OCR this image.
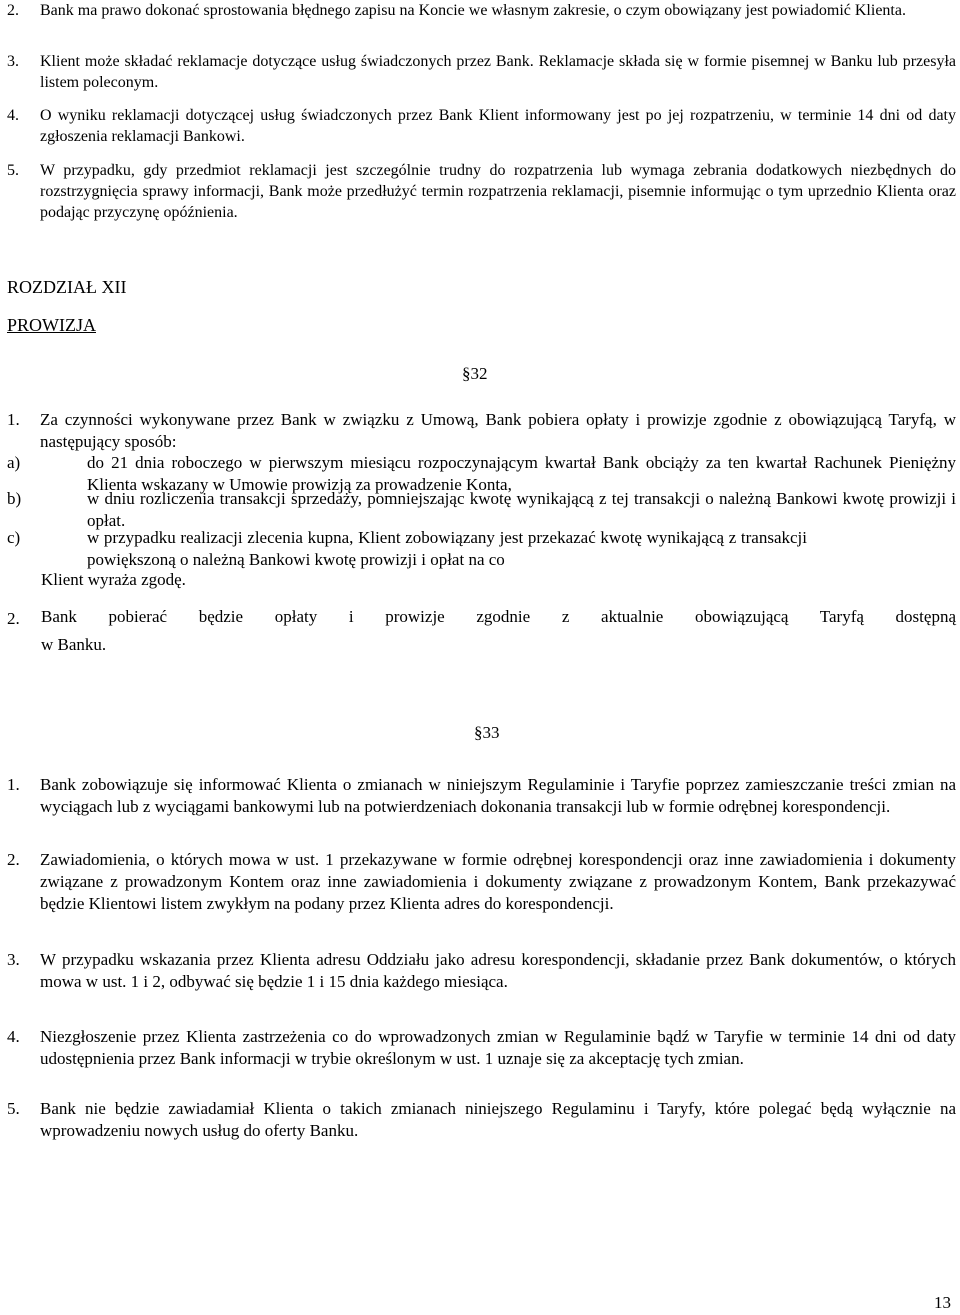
2. Bank ma prawo dokonać sprostowania błędnego zapisu na Koncie we własnym zakresie, o czym obowiązany jest powiadomić Klienta.
3. Klient może składać reklamacje dotyczące usług świadczonych przez Bank. Reklamacje składa się w formie pisemnej w Banku lub przesyła listem poleconym.
4. O wyniku reklamacji dotyczącej usług świadczonych przez Bank Klient informowany jest po jej rozpatrzeniu, w terminie 14 dni od daty zgłoszenia reklamacji Bankowi.
5. W przypadku, gdy przedmiot reklamacji jest szczególnie trudny do rozpatrzenia lub wymaga zebrania dodatkowych niezbędnych do rozstrzygnięcia sprawy informacji, Bank może przedłużyć termin rozpatrzenia reklamacji, pisemnie informując o tym uprzednio Klienta oraz podając przyczynę opóźnienia.
ROZDZIAŁ XII
PROWIZJA
§32
1. Za czynności wykonywane przez Bank w związku z Umową, Bank pobiera opłaty i prowizje zgodnie z obowiązującą Taryfą, w następujący sposób:
a)	do 21 dnia roboczego w pierwszym miesiącu rozpoczynającym kwartał Bank obciąży za ten kwartał Rachunek Pieniężny Klienta wskazany w Umowie prowizją za prowadzenie Konta,
b)	w dniu rozliczenia transakcji sprzedaży, pomniejszając kwotę wynikającą z tej transakcji o należną Bankowi kwotę prowizji i opłat.
c)	w przypadku realizacji zlecenia kupna, Klient zobowiązany jest przekazać kwotę wynikającą z transakcji powiększoną o należną Bankowi kwotę prowizji i opłat na co
Klient wyraża zgodę.
2. Bank pobierać będzie opłaty i prowizje zgodnie z aktualnie obowiązującą Taryfą dostępną
w Banku.
§33
1. Bank zobowiązuje się informować Klienta o zmianach w niniejszym Regulaminie i Taryfie poprzez zamieszczanie treści zmian na wyciągach lub z wyciągami bankowymi lub na potwierdzeniach dokonania transakcji lub w formie odrębnej korespondencji.
2. Zawiadomienia, o których mowa w ust. 1 przekazywane w formie odrębnej korespondencji oraz inne zawiadomienia i dokumenty związane z prowadzonym Kontem oraz inne zawiadomienia i dokumenty związane z prowadzonym Kontem, Bank przekazywać będzie Klientowi listem zwykłym na podany przez Klienta adres do korespondencji.
3. W przypadku wskazania przez Klienta adresu Oddziału jako adresu korespondencji, składanie przez Bank dokumentów, o których mowa w ust. 1 i 2, odbywać się będzie 1 i 15 dnia każdego miesiąca.
4. Niezgłoszenie przez Klienta zastrzeżenia co do wprowadzonych zmian w Regulaminie bądź w Taryfie w terminie 14 dni od daty udostępnienia przez Bank informacji w trybie określonym w ust. 1 uznaje się za akceptację tych zmian.
5. Bank nie będzie zawiadamiał Klienta o takich zmianach niniejszego Regulaminu i Taryfy, które polegać będą wyłącznie na wprowadzeniu nowych usług do oferty Banku.
13
